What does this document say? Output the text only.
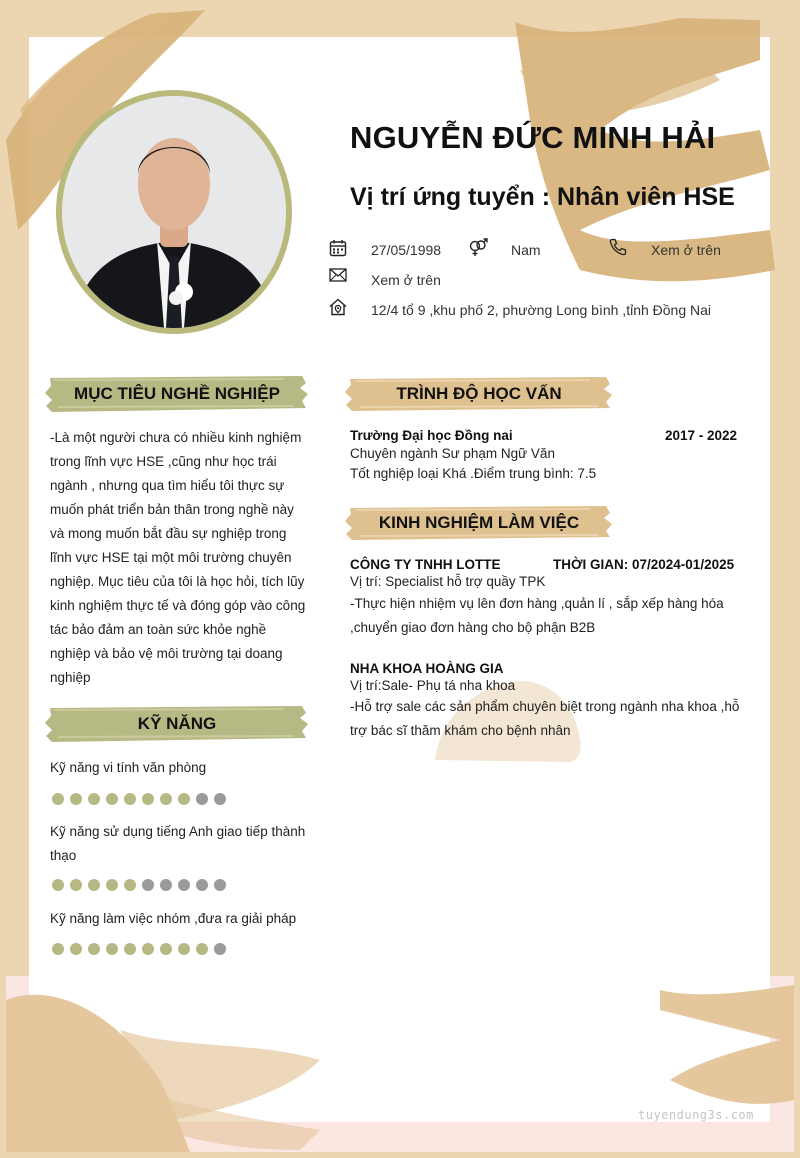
NGUYỄN ĐỨC MINH HẢI
Vị trí ứng tuyển : Nhân viên HSE
27/05/1998	Nam	Xem ở trên
Xem ở trên
12/4 tổ 9 ,khu phố 2, phường Long bình ,tỉnh Đồng Nai
MỤC TIÊU NGHỀ NGHIỆP
-Là một người chưa có nhiều kinh nghiệm trong lĩnh vực HSE ,cũng như học trái ngành , nhưng qua tìm hiểu tôi thực sự muốn phát triển bản thân trong nghề này và mong muốn bắt đầu sự nghiệp trong lĩnh vực HSE tại một môi trường chuyên nghiệp. Mục tiêu của tôi là học hỏi, tích lũy kinh nghiệm thực tế và đóng góp vào công tác bảo đảm an toàn sức khỏe nghề nghiệp và bảo vệ môi trường tại doang nghiệp
KỸ NĂNG
Kỹ năng vi tính văn phòng
Kỹ năng sử dụng tiếng Anh giao tiếp thành thạo
Kỹ năng làm việc nhóm ,đưa ra giải pháp
TRÌNH ĐỘ HỌC VẤN
Trường Đại học Đồng nai	2017 - 2022
Chuyên ngành Sư phạm Ngữ Văn
Tốt nghiệp loại Khá .Điểm trung bình: 7.5
KINH NGHIỆM LÀM VIỆC
CÔNG TY TNHH LOTTE	THỜI GIAN: 07/2024-01/2025
Vị trí: Specialist hỗ trợ quầy TPK
-Thực hiện nhiệm vụ lên đơn hàng ,quản lí , sắp xếp hàng hóa ,chuyển giao đơn hàng cho bộ phận B2B
NHA KHOA HOÀNG GIA
Vị trí:Sale- Phụ tá nha khoa
-Hỗ trợ sale các sản phẩm chuyên biệt trong ngành nha khoa ,hỗ trợ bác sĩ thăm khám cho bệnh nhân
tuyendung3s.com
